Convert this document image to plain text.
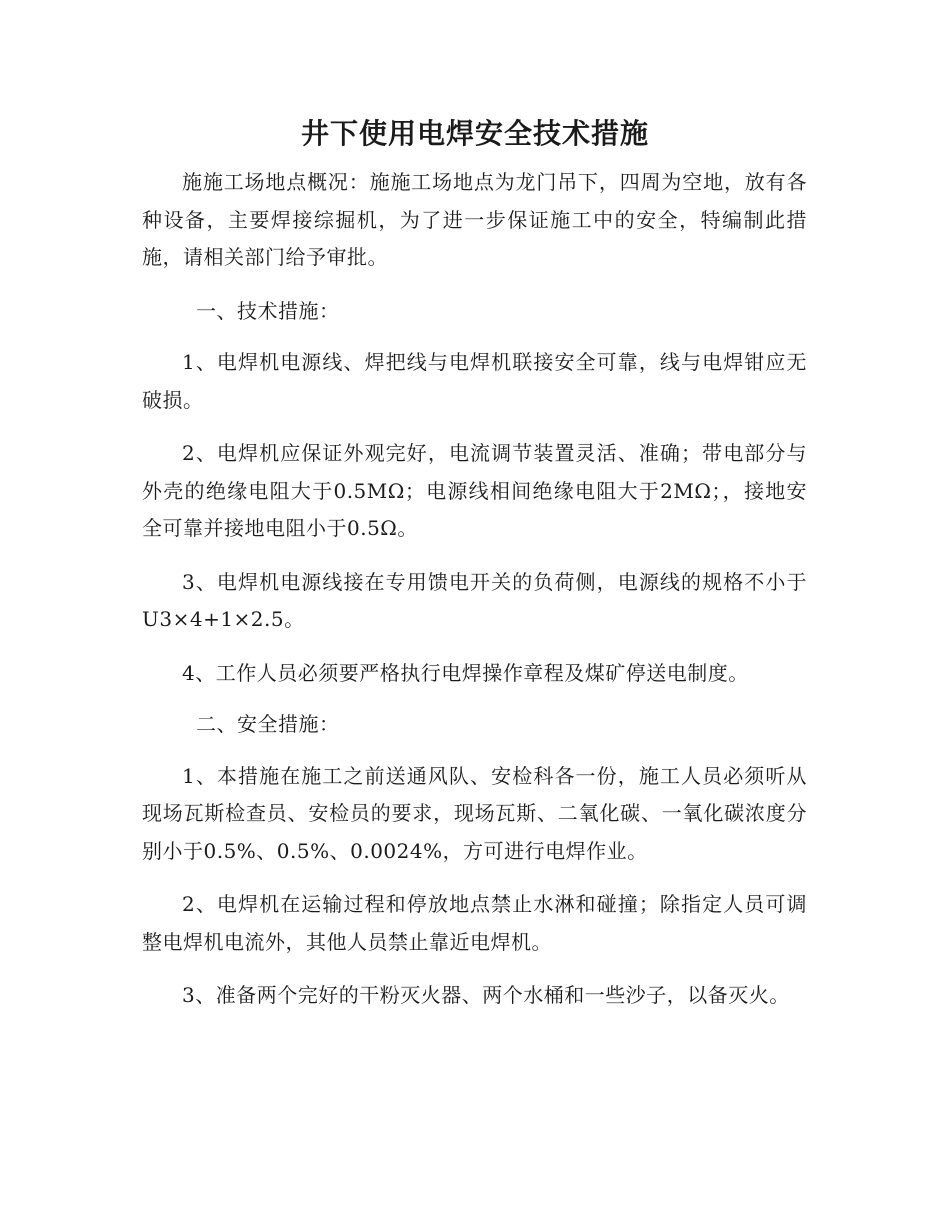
井下使用电焊安全技术措施

施施工场地点概况：施施工场地点为龙门吊下，四周为空地，放有各种设备，主要焊接综掘机，为了进一步保证施工中的安全，特编制此措施，请相关部门给予审批。

一、技术措施：

1、电焊机电源线、焊把线与电焊机联接安全可靠，线与电焊钳应无破损。

2、电焊机应保证外观完好，电流调节装置灵活、准确；带电部分与外壳的绝缘电阻大于0.5MΩ；电源线相间绝缘电阻大于2MΩ；，接地安全可靠并接地电阻小于0.5Ω。

3、电焊机电源线接在专用馈电开关的负荷侧，电源线的规格不小于U3×4+1×2.5。

4、工作人员必须要严格执行电焊操作章程及煤矿停送电制度。

二、安全措施：

1、本措施在施工之前送通风队、安检科各一份，施工人员必须听从现场瓦斯检查员、安检员的要求，现场瓦斯、二氧化碳、一氧化碳浓度分别小于0.5%、0.5%、0.0024%，方可进行电焊作业。

2、电焊机在运输过程和停放地点禁止水淋和碰撞；除指定人员可调整电焊机电流外，其他人员禁止靠近电焊机。

3、准备两个完好的干粉灭火器、两个水桶和一些沙子，以备灭火。
